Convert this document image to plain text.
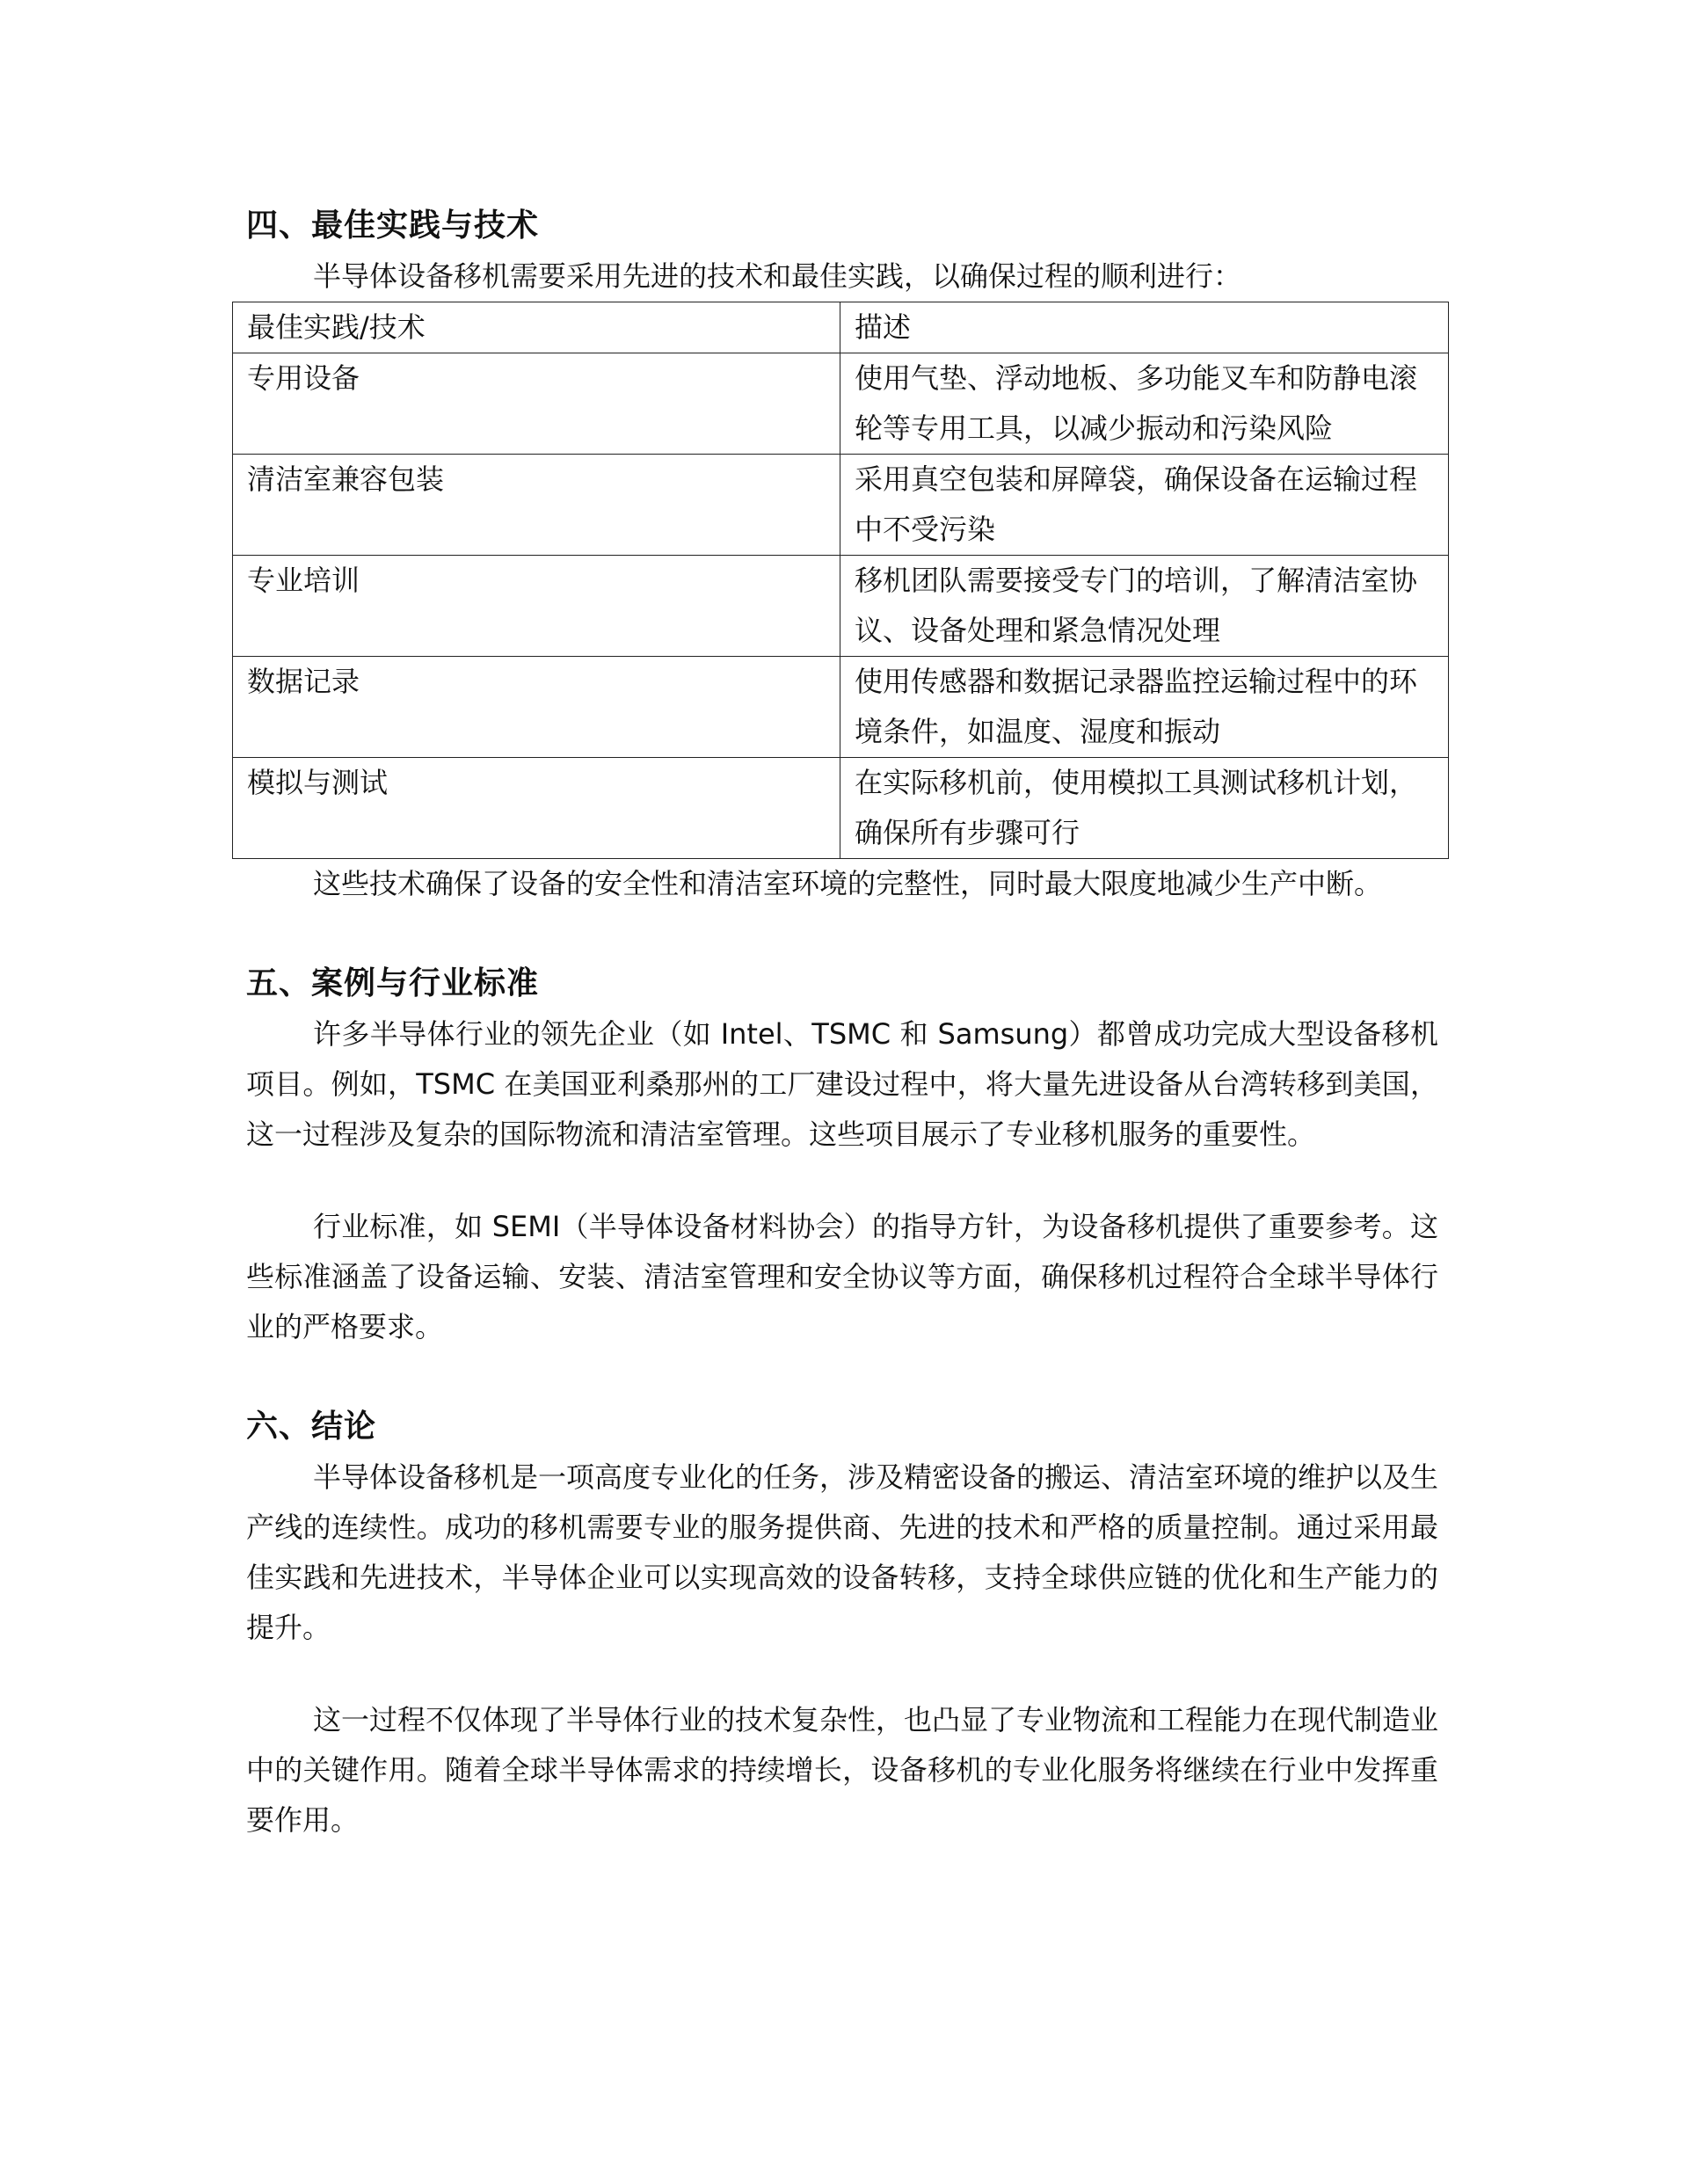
四、最佳实践与技术

半导体设备移机需要采用先进的技术和最佳实践，以确保过程的顺利进行：

最佳实践/技术	描述
专用设备	使用气垫、浮动地板、多功能叉车和防静电滚轮等专用工具，以减少振动和污染风险
清洁室兼容包装	采用真空包装和屏障袋，确保设备在运输过程中不受污染
专业培训	移机团队需要接受专门的培训，了解清洁室协议、设备处理和紧急情况处理
数据记录	使用传感器和数据记录器监控运输过程中的环境条件，如温度、湿度和振动
模拟与测试	在实际移机前，使用模拟工具测试移机计划，确保所有步骤可行

这些技术确保了设备的安全性和清洁室环境的完整性，同时最大限度地减少生产中断。

五、案例与行业标准

许多半导体行业的领先企业（如 Intel、TSMC 和 Samsung）都曾成功完成大型设备移机项目。例如，TSMC 在美国亚利桑那州的工厂建设过程中，将大量先进设备从台湾转移到美国，这一过程涉及复杂的国际物流和清洁室管理。这些项目展示了专业移机服务的重要性。

行业标准，如 SEMI（半导体设备材料协会）的指导方针，为设备移机提供了重要参考。这些标准涵盖了设备运输、安装、清洁室管理和安全协议等方面，确保移机过程符合全球半导体行业的严格要求。

六、结论

半导体设备移机是一项高度专业化的任务，涉及精密设备的搬运、清洁室环境的维护以及生产线的连续性。成功的移机需要专业的服务提供商、先进的技术和严格的质量控制。通过采用最佳实践和先进技术，半导体企业可以实现高效的设备转移，支持全球供应链的优化和生产能力的提升。

这一过程不仅体现了半导体行业的技术复杂性，也凸显了专业物流和工程能力在现代制造业中的关键作用。随着全球半导体需求的持续增长，设备移机的专业化服务将继续在行业中发挥重要作用。
